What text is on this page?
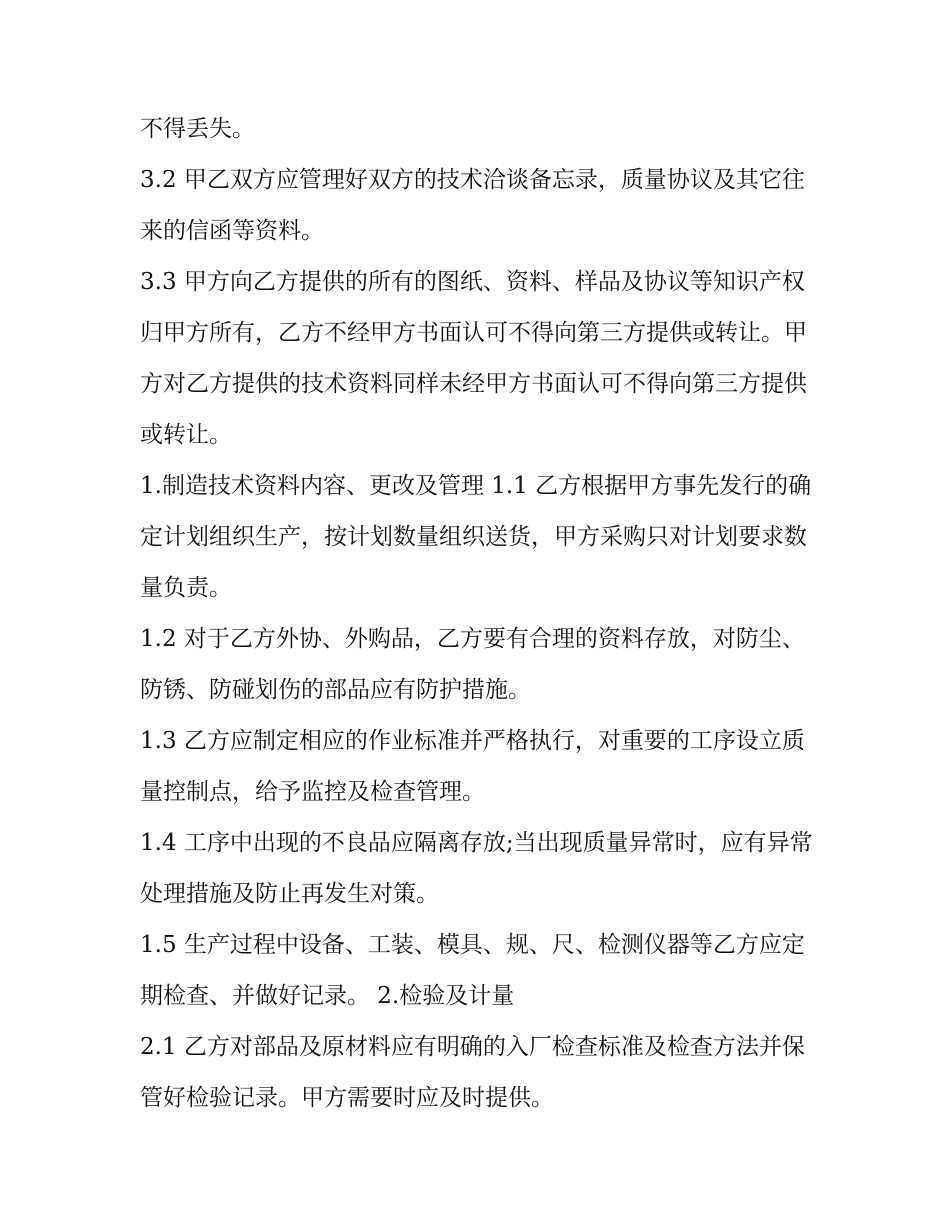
不得丢失。

3.2 甲乙双方应管理好双方的技术洽谈备忘录，质量协议及其它往来的信函等资料。

3.3 甲方向乙方提供的所有的图纸、资料、样品及协议等知识产权归甲方所有，乙方不经甲方书面认可不得向第三方提供或转让。甲方对乙方提供的技术资料同样未经甲方书面认可不得向第三方提供或转让。

1.制造技术资料内容、更改及管理 1.1 乙方根据甲方事先发行的确定计划组织生产，按计划数量组织送货，甲方采购只对计划要求数量负责。

1.2 对于乙方外协、外购品，乙方要有合理的资料存放，对防尘、防锈、防碰划伤的部品应有防护措施。

1.3 乙方应制定相应的作业标准并严格执行，对重要的工序设立质量控制点，给予监控及检查管理。

1.4 工序中出现的不良品应隔离存放;当出现质量异常时，应有异常处理措施及防止再发生对策。

1.5 生产过程中设备、工装、模具、规、尺、检测仪器等乙方应定期检查、并做好记录。 2.检验及计量

2.1 乙方对部品及原材料应有明确的入厂检查标准及检查方法并保管好检验记录。甲方需要时应及时提供。
